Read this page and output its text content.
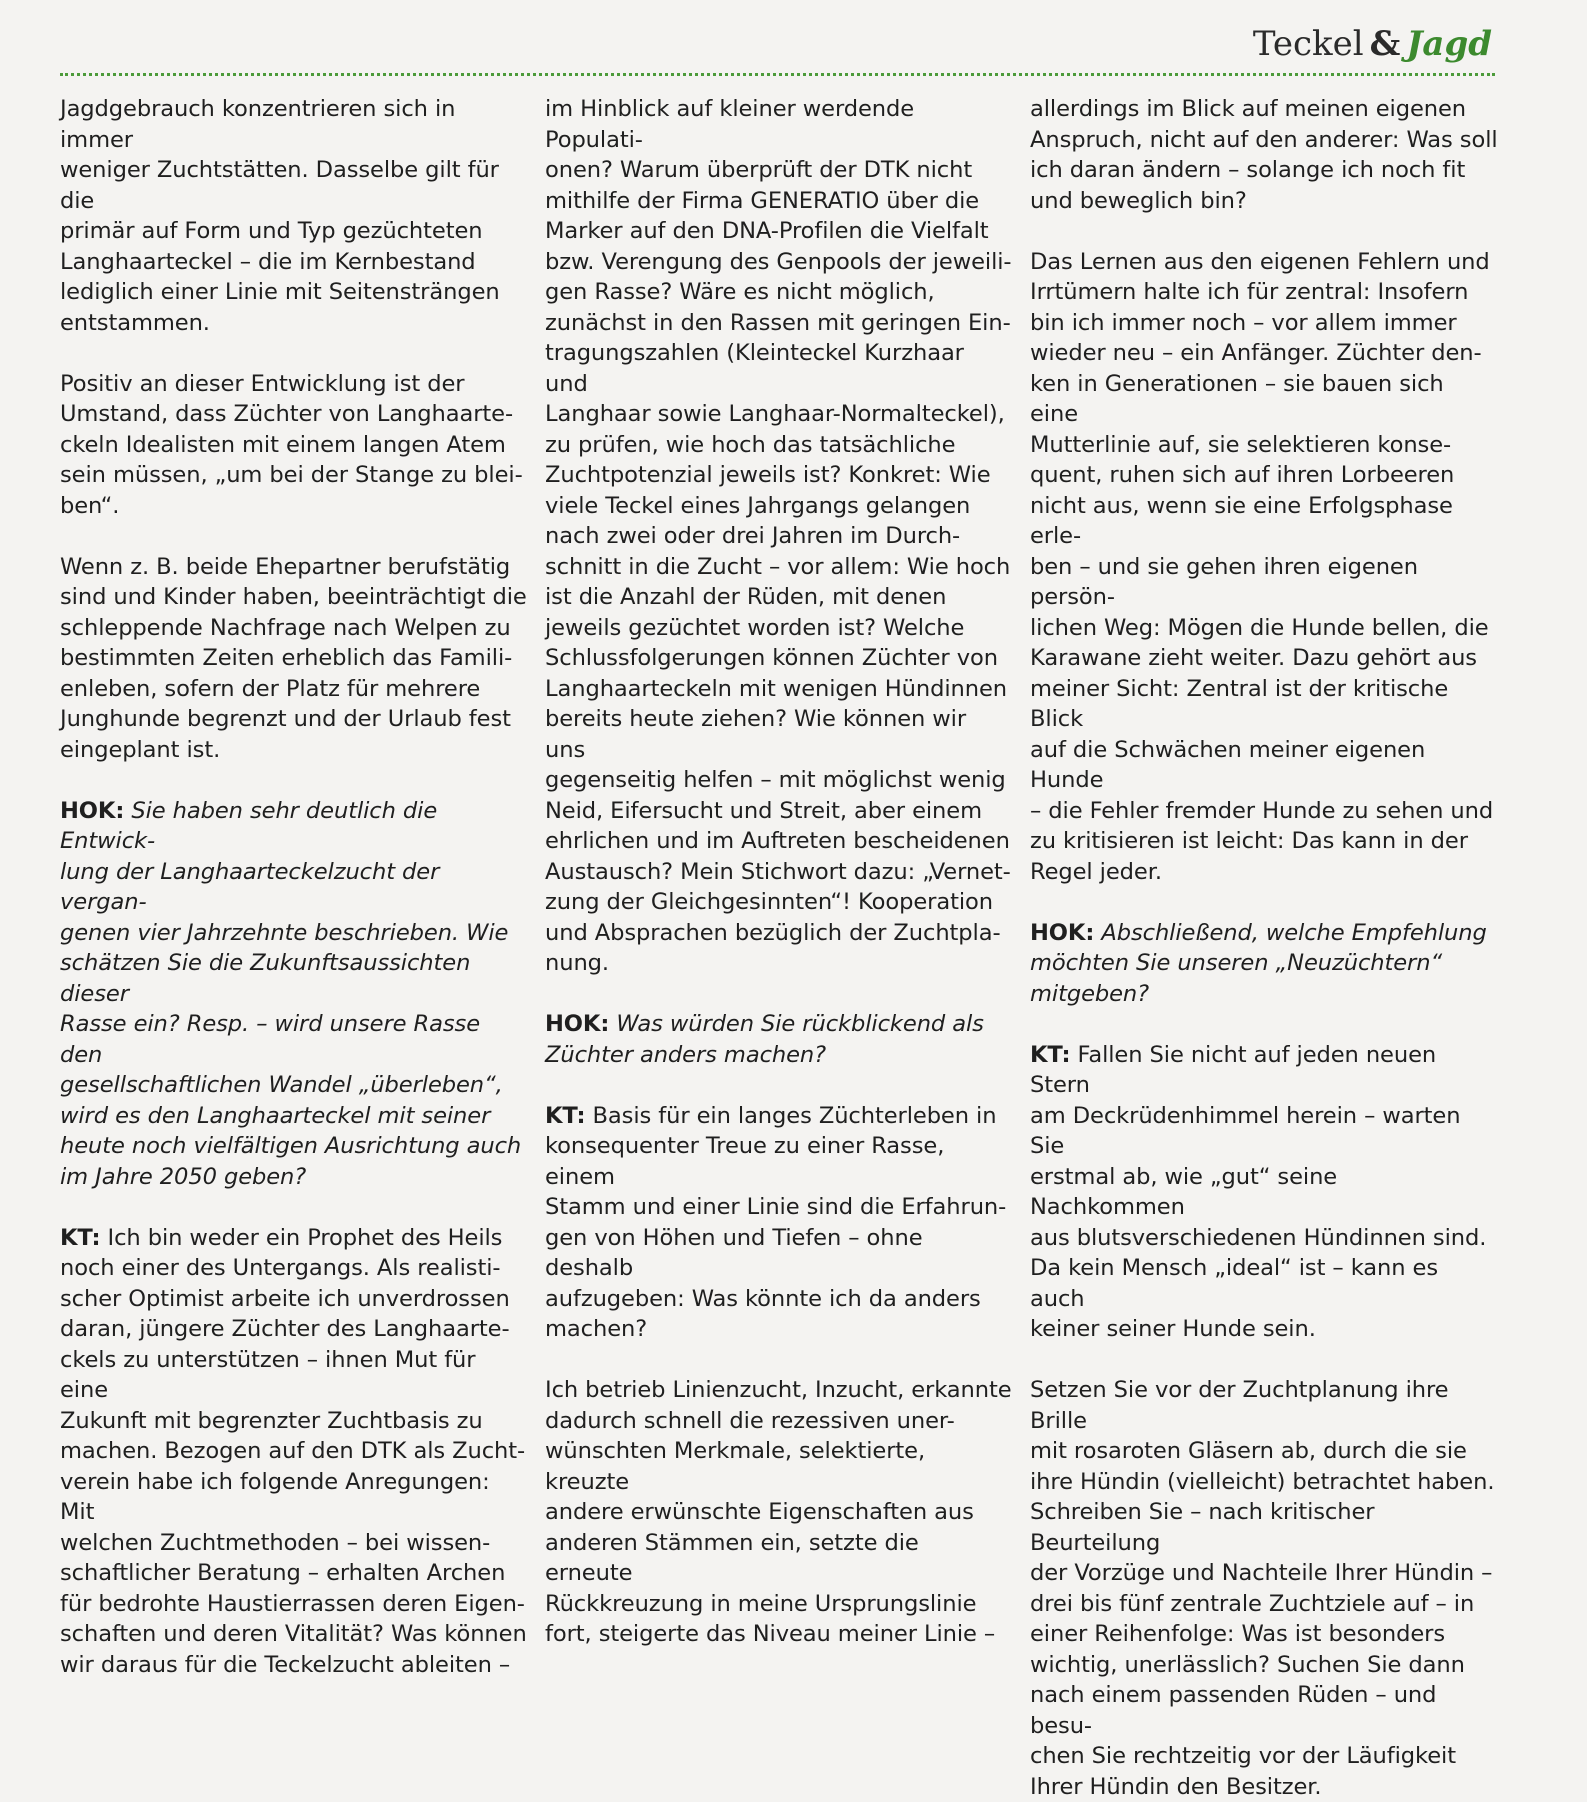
Teckel & Jagd

Jagdgebrauch konzentrieren sich in immer
weniger Zuchtstätten. Dasselbe gilt für die
primär auf Form und Typ gezüchteten
Langhaarteckel – die im Kernbestand
lediglich einer Linie mit Seitensträngen
entstammen.

Positiv an dieser Entwicklung ist der
Umstand, dass Züchter von Langhaarte-
ckeln Idealisten mit einem langen Atem
sein müssen, „um bei der Stange zu blei-
ben“.

Wenn z. B. beide Ehepartner berufstätig
sind und Kinder haben, beeinträchtigt die
schleppende Nachfrage nach Welpen zu
bestimmten Zeiten erheblich das Famili-
enleben, sofern der Platz für mehrere
Junghunde begrenzt und der Urlaub fest
eingeplant ist.

HOK: Sie haben sehr deutlich die Entwick-
lung der Langhaarteckelzucht der vergan-
genen vier Jahrzehnte beschrieben. Wie
schätzen Sie die Zukunftsaussichten dieser
Rasse ein? Resp. – wird unsere Rasse den
gesellschaftlichen Wandel „überleben“,
wird es den Langhaarteckel mit seiner
heute noch vielfältigen Ausrichtung auch
im Jahre 2050 geben?

KT: Ich bin weder ein Prophet des Heils
noch einer des Untergangs. Als realisti-
scher Optimist arbeite ich unverdrossen
daran, jüngere Züchter des Langhaarte-
ckels zu unterstützen – ihnen Mut für eine
Zukunft mit begrenzter Zuchtbasis zu
machen. Bezogen auf den DTK als Zucht-
verein habe ich folgende Anregungen: Mit
welchen Zuchtmethoden – bei wissen-
schaftlicher Beratung – erhalten Archen
für bedrohte Haustierrassen deren Eigen-
schaften und deren Vitalität? Was können
wir daraus für die Teckelzucht ableiten –

im Hinblick auf kleiner werdende Populati-
onen? Warum überprüft der DTK nicht
mithilfe der Firma GENERATIO über die
Marker auf den DNA-Profilen die Vielfalt
bzw. Verengung des Genpools der jeweili-
gen Rasse? Wäre es nicht möglich,
zunächst in den Rassen mit geringen Ein-
tragungszahlen (Kleinteckel Kurzhaar und
Langhaar sowie Langhaar-Normalteckel),
zu prüfen, wie hoch das tatsächliche
Zuchtpotenzial jeweils ist? Konkret: Wie
viele Teckel eines Jahrgangs gelangen
nach zwei oder drei Jahren im Durch-
schnitt in die Zucht – vor allem: Wie hoch
ist die Anzahl der Rüden, mit denen
jeweils gezüchtet worden ist? Welche
Schlussfolgerungen können Züchter von
Langhaarteckeln mit wenigen Hündinnen
bereits heute ziehen? Wie können wir uns
gegenseitig helfen – mit möglichst wenig
Neid, Eifersucht und Streit, aber einem
ehrlichen und im Auftreten bescheidenen
Austausch? Mein Stichwort dazu: „Vernet-
zung der Gleichgesinnten“! Kooperation
und Absprachen bezüglich der Zuchtpla-
nung.

HOK: Was würden Sie rückblickend als
Züchter anders machen?

KT: Basis für ein langes Züchterleben in
konsequenter Treue zu einer Rasse, einem
Stamm und einer Linie sind die Erfahrun-
gen von Höhen und Tiefen – ohne deshalb
aufzugeben: Was könnte ich da anders
machen?

Ich betrieb Linienzucht, Inzucht, erkannte
dadurch schnell die rezessiven uner-
wünschten Merkmale, selektierte, kreuzte
andere erwünschte Eigenschaften aus
anderen Stämmen ein, setzte die erneute
Rückkreuzung in meine Ursprungslinie
fort, steigerte das Niveau meiner Linie –

allerdings im Blick auf meinen eigenen
Anspruch, nicht auf den anderer: Was soll
ich daran ändern – solange ich noch fit
und beweglich bin?

Das Lernen aus den eigenen Fehlern und
Irrtümern halte ich für zentral: Insofern
bin ich immer noch – vor allem immer
wieder neu – ein Anfänger. Züchter den-
ken in Generationen – sie bauen sich eine
Mutterlinie auf, sie selektieren konse-
quent, ruhen sich auf ihren Lorbeeren
nicht aus, wenn sie eine Erfolgsphase erle-
ben – und sie gehen ihren eigenen persön-
lichen Weg: Mögen die Hunde bellen, die
Karawane zieht weiter. Dazu gehört aus
meiner Sicht: Zentral ist der kritische Blick
auf die Schwächen meiner eigenen Hunde
– die Fehler fremder Hunde zu sehen und
zu kritisieren ist leicht: Das kann in der
Regel jeder.

HOK: Abschließend, welche Empfehlung
möchten Sie unseren „Neuzüchtern“
mitgeben?

KT: Fallen Sie nicht auf jeden neuen Stern
am Deckrüdenhimmel herein – warten Sie
erstmal ab, wie „gut“ seine Nachkommen
aus blutsverschiedenen Hündinnen sind.
Da kein Mensch „ideal“ ist – kann es auch
keiner seiner Hunde sein.

Setzen Sie vor der Zuchtplanung ihre Brille
mit rosaroten Gläsern ab, durch die sie
ihre Hündin (vielleicht) betrachtet haben.
Schreiben Sie – nach kritischer Beurteilung
der Vorzüge und Nachteile Ihrer Hündin –
drei bis fünf zentrale Zuchtziele auf – in
einer Reihenfolge: Was ist besonders
wichtig, unerlässlich? Suchen Sie dann
nach einem passenden Rüden – und besu-
chen Sie rechtzeitig vor der Läufigkeit
Ihrer Hündin den Besitzer.
